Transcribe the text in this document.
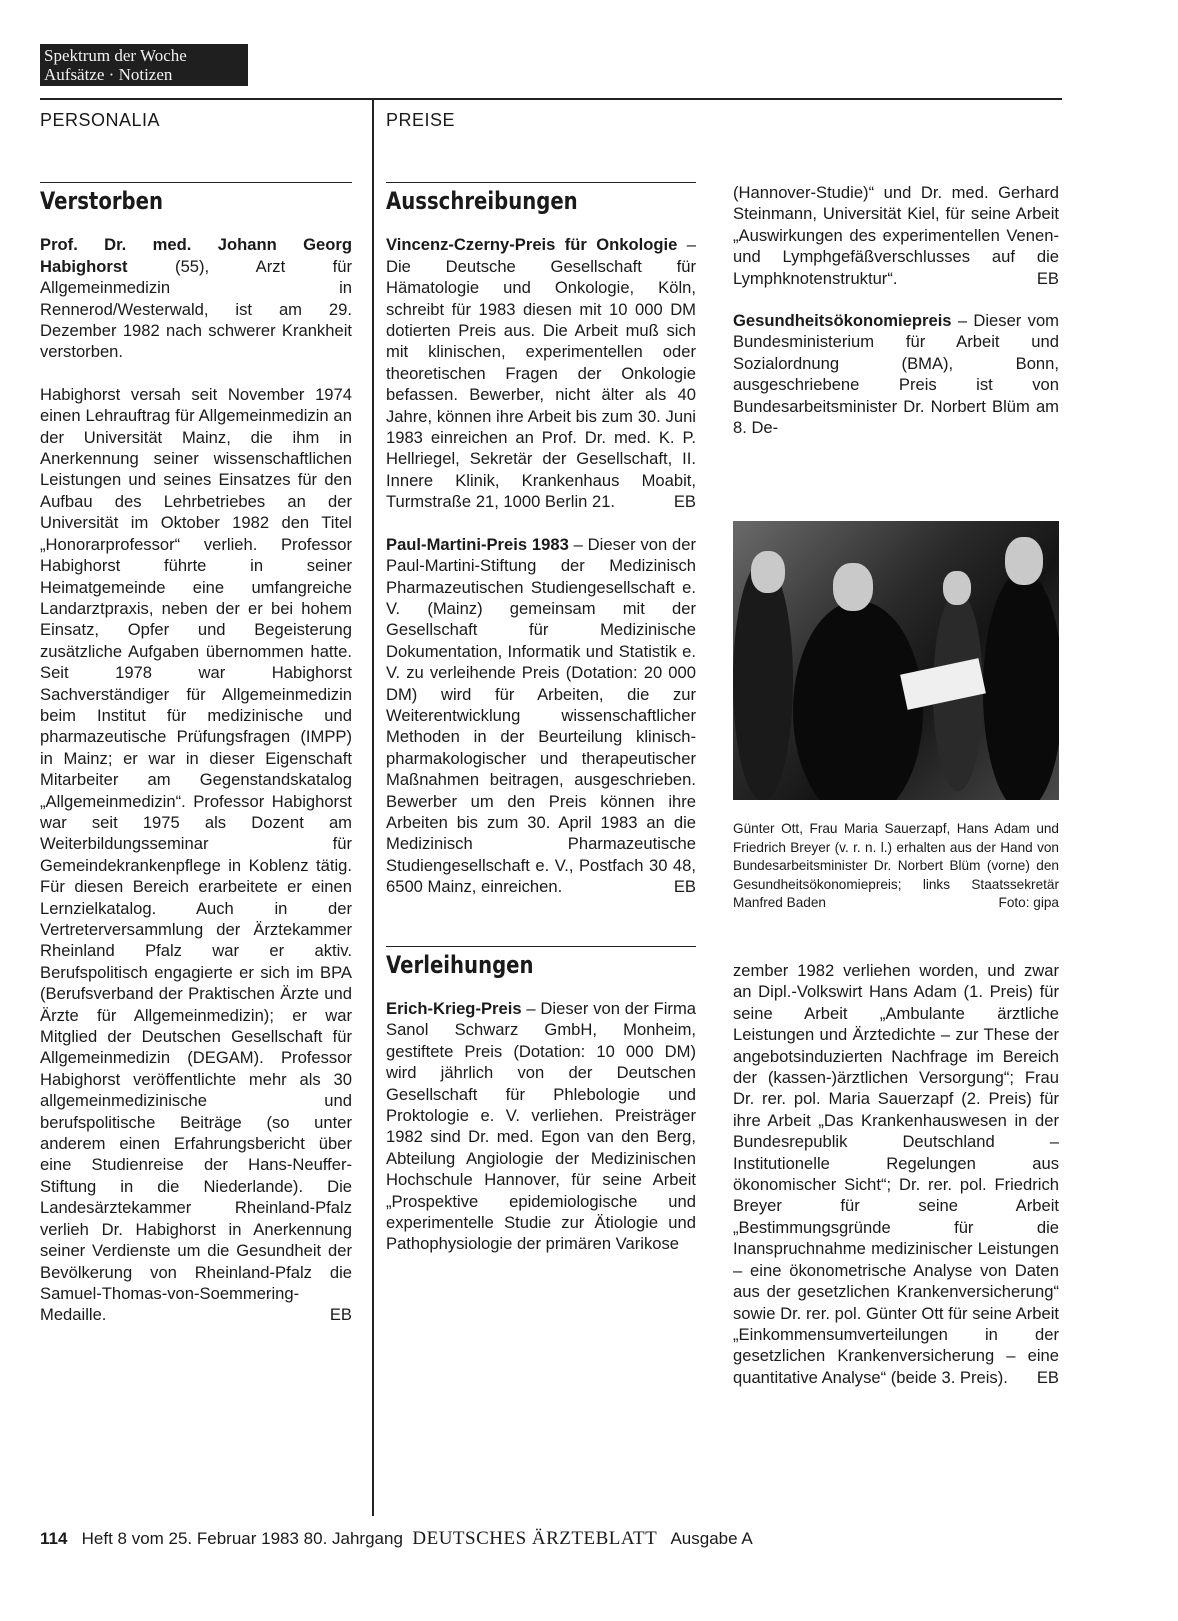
Spektrum der Woche
Aufsätze · Notizen
PERSONALIA	PREISE
Verstorben

Prof. Dr. med. Johann Georg Habighorst (55), Arzt für Allgemeinmedizin in Rennerod/Westerwald, ist am 29. Dezember 1982 nach schwerer Krankheit verstorben.

Habighorst versah seit November 1974 einen Lehrauftrag für Allgemeinmedizin an der Universität Mainz, die ihm in Anerkennung seiner wissenschaftlichen Leistungen und seines Einsatzes für den Aufbau des Lehrbetriebes an der Universität im Oktober 1982 den Titel „Honorarprofessor“ verlieh. Professor Habighorst führte in seiner Heimatgemeinde eine umfangreiche Landarztpraxis, neben der er bei hohem Einsatz, Opfer und Begeisterung zusätzliche Aufgaben übernommen hatte. Seit 1978 war Habighorst Sachverständiger für Allgemeinmedizin beim Institut für medizinische und pharmazeutische Prüfungsfragen (IMPP) in Mainz; er war in dieser Eigenschaft Mitarbeiter am Gegenstandskatalog „Allgemeinmedizin“. Professor Habighorst war seit 1975 als Dozent am Weiterbildungsseminar für Gemeindekrankenpflege in Koblenz tätig. Für diesen Bereich erarbeitete er einen Lernzielkatalog. Auch in der Vertreterversammlung der Ärztekammer Rheinland Pfalz war er aktiv. Berufspolitisch engagierte er sich im BPA (Berufsverband der Praktischen Ärzte und Ärzte für Allgemeinmedizin); er war Mitglied der Deutschen Gesellschaft für Allgemeinmedizin (DEGAM). Professor Habighorst veröffentlichte mehr als 30 allgemeinmedizinische und berufspolitische Beiträge (so unter anderem einen Erfahrungsbericht über eine Studienreise der Hans-Neuffer-Stiftung in die Niederlande). Die Landesärztekammer Rheinland-Pfalz verlieh Dr. Habighorst in Anerkennung seiner Verdienste um die Gesundheit der Bevölkerung von Rheinland-Pfalz die Samuel-Thomas-von-Soemmering-Medaille.	EB

Ausschreibungen

Vincenz-Czerny-Preis für Onkologie – Die Deutsche Gesellschaft für Hämatologie und Onkologie, Köln, schreibt für 1983 diesen mit 10 000 DM dotierten Preis aus. Die Arbeit muß sich mit klinischen, experimentellen oder theoretischen Fragen der Onkologie befassen. Bewerber, nicht älter als 40 Jahre, können ihre Arbeit bis zum 30. Juni 1983 einreichen an Prof. Dr. med. K. P. Hellriegel, Sekretär der Gesellschaft, II. Innere Klinik, Krankenhaus Moabit, Turmstraße 21, 1000 Berlin 21.	EB

Paul-Martini-Preis 1983 – Dieser von der Paul-Martini-Stiftung der Medizinisch Pharmazeutischen Studiengesellschaft e. V. (Mainz) gemeinsam mit der Gesellschaft für Medizinische Dokumentation, Informatik und Statistik e. V. zu verleihende Preis (Dotation: 20 000 DM) wird für Arbeiten, die zur Weiterentwicklung wissenschaftlicher Methoden in der Beurteilung klinisch-pharmakologischer und therapeutischer Maßnahmen beitragen, ausgeschrieben. Bewerber um den Preis können ihre Arbeiten bis zum 30. April 1983 an die Medizinisch Pharmazeutische Studiengesellschaft e. V., Postfach 30 48, 6500 Mainz, einreichen.	EB

Verleihungen

Erich-Krieg-Preis – Dieser von der Firma Sanol Schwarz GmbH, Monheim, gestiftete Preis (Dotation: 10 000 DM) wird jährlich von der Deutschen Gesellschaft für Phlebologie und Proktologie e. V. verliehen. Preisträger 1982 sind Dr. med. Egon van den Berg, Abteilung Angiologie der Medizinischen Hochschule Hannover, für seine Arbeit „Prospektive epidemiologische und experimentelle Studie zur Ätiologie und Pathophysiologie der primären Varikose

(Hannover-Studie)“ und Dr. med. Gerhard Steinmann, Universität Kiel, für seine Arbeit „Auswirkungen des experimentellen Venen- und Lymphgefäßverschlusses auf die Lymphknotenstruktur“.	EB

Gesundheitsökonomiepreis – Dieser vom Bundesministerium für Arbeit und Sozialordnung (BMA), Bonn, ausgeschriebene Preis ist von Bundesarbeitsminister Dr. Norbert Blüm am 8. De-

Günter Ott, Frau Maria Sauerzapf, Hans Adam und Friedrich Breyer (v. r. n. l.) erhalten aus der Hand von Bundesarbeitsminister Dr. Norbert Blüm (vorne) den Gesundheitsökonomiepreis; links Staatssekretär Manfred Baden	Foto: gipa

zember 1982 verliehen worden, und zwar an Dipl.-Volkswirt Hans Adam (1. Preis) für seine Arbeit „Ambulante ärztliche Leistungen und Ärztedichte – zur These der angebotsinduzierten Nachfrage im Bereich der (kassen-)ärztlichen Versorgung“; Frau Dr. rer. pol. Maria Sauerzapf (2. Preis) für ihre Arbeit „Das Krankenhauswesen in der Bundesrepublik Deutschland – Institutionelle Regelungen aus ökonomischer Sicht“; Dr. rer. pol. Friedrich Breyer für seine Arbeit „Bestimmungsgründe für die Inanspruchnahme medizinischer Leistungen – eine ökonometrische Analyse von Daten aus der gesetzlichen Krankenversicherung“ sowie Dr. rer. pol. Günter Ott für seine Arbeit „Einkommensumverteilungen in der gesetzlichen Krankenversicherung – eine quantitative Analyse“ (beide 3. Preis). EB

114 Heft 8 vom 25. Februar 1983 80. Jahrgang DEUTSCHES ÄRZTEBLATT Ausgabe A
